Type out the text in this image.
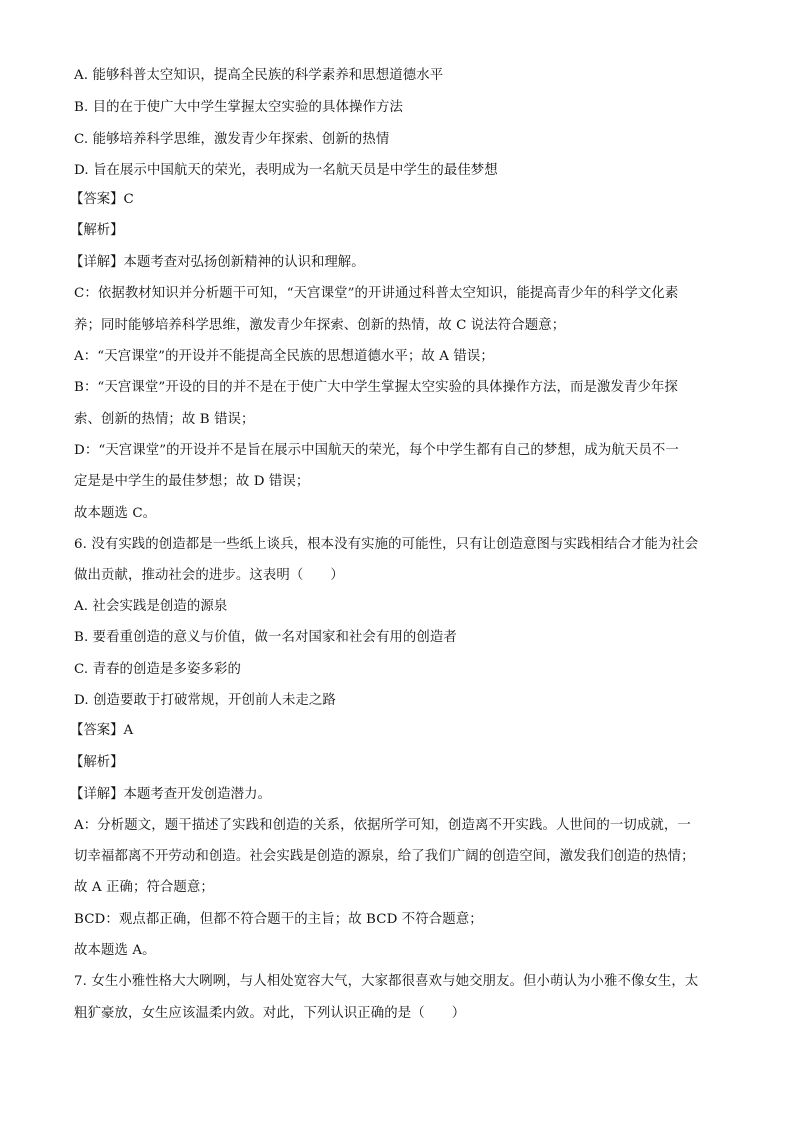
A. 能够科普太空知识，提高全民族的科学素养和思想道德水平
B. 目的在于使广大中学生掌握太空实验的具体操作方法
C. 能够培养科学思维，激发青少年探索、创新的热情
D. 旨在展示中国航天的荣光，表明成为一名航天员是中学生的最佳梦想
【答案】C
【解析】
【详解】本题考查对弘扬创新精神的认识和理解。
C：依据教材知识并分析题干可知，“天宫课堂”的开讲通过科普太空知识，能提高青少年的科学文化素
养；同时能够培养科学思维，激发青少年探索、创新的热情，故 C 说法符合题意；
A：“天宫课堂”的开设并不能提高全民族的思想道德水平；故 A 错误；
B：“天宫课堂”开设的目的并不是在于使广大中学生掌握太空实验的具体操作方法，而是激发青少年探
索、创新的热情；故 B 错误；
D：“天宫课堂”的开设并不是旨在展示中国航天的荣光，每个中学生都有自己的梦想，成为航天员不一
定是是中学生的最佳梦想；故 D 错误；
故本题选 C。
6. 没有实践的创造都是一些纸上谈兵，根本没有实施的可能性，只有让创造意图与实践相结合才能为社会
做出贡献，推动社会的进步。这表明（　　）
A. 社会实践是创造的源泉
B. 要看重创造的意义与价值，做一名对国家和社会有用的创造者
C. 青春的创造是多姿多彩的
D. 创造要敢于打破常规，开创前人未走之路
【答案】A
【解析】
【详解】本题考查开发创造潜力。
A：分析题文，题干描述了实践和创造的关系，依据所学可知，创造离不开实践。人世间的一切成就，一
切幸福都离不开劳动和创造。社会实践是创造的源泉，给了我们广阔的创造空间，激发我们创造的热情；
故 A 正确；符合题意；
BCD：观点都正确，但都不符合题干的主旨；故 BCD 不符合题意；
故本题选 A。
7. 女生小雅性格大大咧咧，与人相处宽容大气，大家都很喜欢与她交朋友。但小萌认为小雅不像女生，太
粗犷豪放，女生应该温柔内敛。对此，下列认识正确的是（　　）
